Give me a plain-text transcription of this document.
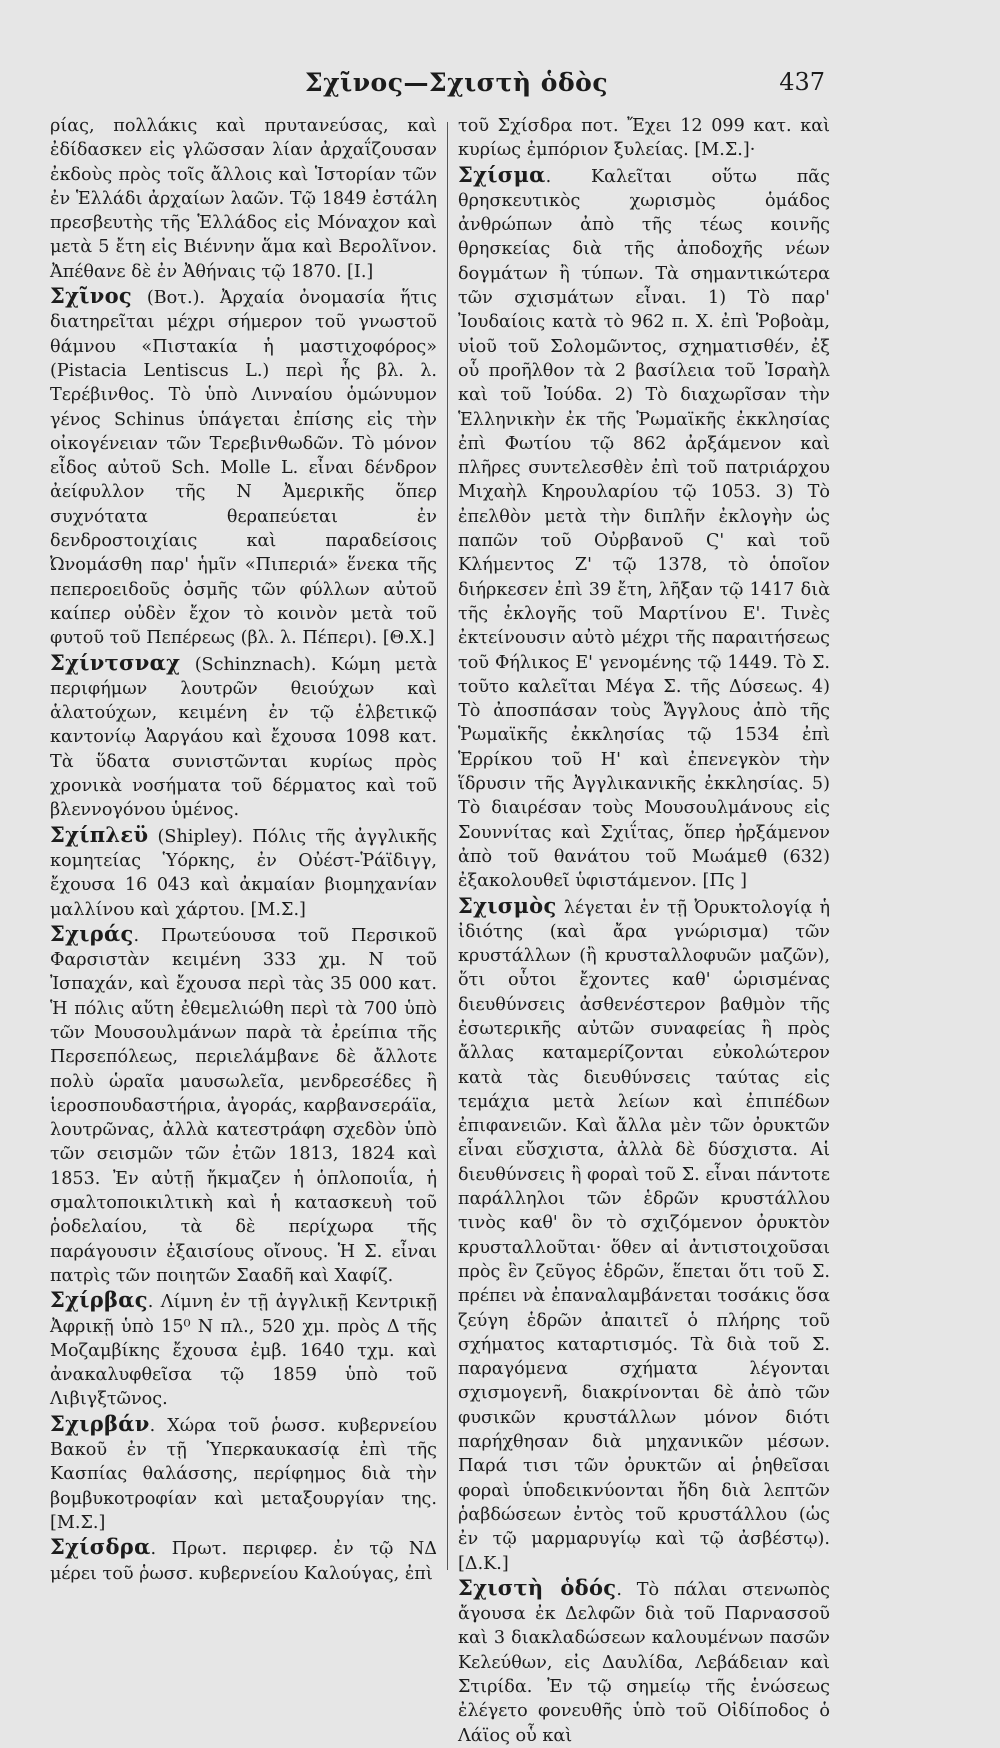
Σχῖνος—Σχιστὴ ὁδὸς	437

ρίας, πολλάκις καὶ πρυτανεύσας, καὶ ἐδίδασκεν εἰς γλῶσσαν λίαν ἀρχαΐζουσαν ἐκδοὺς πρὸς τοῖς ἄλλοις καὶ Ἱστορίαν τῶν ἐν Ἑλλάδι ἀρχαίων λαῶν. Τῷ 1849 ἐστάλη πρεσβευτὴς τῆς Ἑλλάδος εἰς Μόναχον καὶ μετὰ 5 ἔτη εἰς Βιέννην ἅμα καὶ Βερολῖνον. Ἀπέθανε δὲ ἐν Ἀθήναις τῷ 1870. [Ι.]

Σχῖνος (Βοτ.). Ἀρχαία ὀνομασία ἥτις διατηρεῖται μέχρι σήμερον τοῦ γνωστοῦ θάμνου «Πιστακία ἡ μαστιχοφόρος» (Pistacia Lentiscus L.) περὶ ἧς βλ. λ. Τερέβινθος. Τὸ ὑπὸ Λινναίου ὁμώνυμον γένος Schinus ὑπάγεται ἐπίσης εἰς τὴν οἰκογένειαν τῶν Τερεβινθωδῶν. Τὸ μόνον εἶδος αὐτοῦ Sch. Molle L. εἶναι δένδρον ἀείφυλλον τῆς Ν Ἀμερικῆς ὅπερ συχνότατα θεραπεύεται ἐν δενδροστοιχίαις καὶ παραδείσοις Ὠνομάσθη παρ' ἡμῖν «Πιπεριά» ἕνεκα τῆς πεπεροειδοῦς ὀσμῆς τῶν φύλλων αὐτοῦ καίπερ οὐδὲν ἔχον τὸ κοινὸν μετὰ τοῦ φυτοῦ τοῦ Πεπέρεως (βλ. λ. Πέπερι). [Θ.Χ.]

Σχίντσναχ (Schinznach). Κώμη μετὰ περιφήμων λουτρῶν θειούχων καὶ ἁλατούχων, κειμένη ἐν τῷ ἑλβετικῷ καντονίῳ Ἀαργάου καὶ ἔχουσα 1098 κατ. Τὰ ὕδατα συνιστῶνται κυρίως πρὸς χρονικὰ νοσήματα τοῦ δέρματος καὶ τοῦ βλεννογόνου ὑμένος.

Σχίπλεϋ (Shipley). Πόλις τῆς ἀγγλικῆς κομητείας Ὑόρκης, ἐν Οὐέστ-Ῥάϊδιγγ, ἔχουσα 16 043 καὶ ἀκμαίαν βιομηχανίαν μαλλίνου καὶ χάρτου. [Μ.Σ.]

Σχιράς. Πρωτεύουσα τοῦ Περσικοῦ Φαρσιστὰν κειμένη 333 χμ. Ν τοῦ Ἰσπαχάν, καὶ ἔχουσα περὶ τὰς 35 000 κατ. Ἡ πόλις αὕτη ἐθεμελιώθη περὶ τὰ 700 ὑπὸ τῶν Μουσουλμάνων παρὰ τὰ ἐρείπια τῆς Περσεπόλεως, περιελάμβανε δὲ ἄλλοτε πολὺ ὡραῖα μαυσωλεῖα, μενδρεσέδες ἢ ἱεροσπουδαστήρια, ἀγοράς, καρβανσεράϊα, λουτρῶνας, ἀλλὰ κατεστράφη σχεδὸν ὑπὸ τῶν σεισμῶν τῶν ἐτῶν 1813, 1824 καὶ 1853. Ἐν αὐτῇ ἤκμαζεν ἡ ὁπλοποιΐα, ἡ σμαλτοποικιλτικὴ καὶ ἡ κατασκευὴ τοῦ ῥοδελαίου, τὰ δὲ περίχωρα τῆς παράγουσιν ἐξαισίους οἴνους. Ἡ Σ. εἶναι πατρὶς τῶν ποιητῶν Σααδῆ καὶ Χαφίζ.

Σχίρβας. Λίμνη ἐν τῇ ἀγγλικῇ Κεντρικῇ Ἀφρικῇ ὑπὸ 15⁰ Ν πλ., 520 χμ. πρὸς Δ τῆς Μοζαμβίκης ἔχουσα ἐμβ. 1640 τχμ. καὶ ἀνακαλυφθεῖσα τῷ 1859 ὑπὸ τοῦ Λιβιγξτῶνος.

Σχιρβάν. Χώρα τοῦ ῥωσσ. κυβερνείου Βακοῦ ἐν τῇ Ὑπερκαυκασίᾳ ἐπὶ τῆς Κασπίας θαλάσσης, περίφημος διὰ τὴν βομβυκοτροφίαν καὶ μεταξουργίαν της. [Μ.Σ.]

Σχίσδρα. Πρωτ. περιφερ. ἐν τῷ ΝΔ μέρει τοῦ ῥωσσ. κυβερνείου Καλούγας, ἐπὶ

τοῦ Σχίσδρα ποτ. Ἔχει 12 099 κατ. καὶ κυρίως ἐμπόριον ξυλείας. [Μ.Σ.]·

Σχίσμα. Καλεῖται οὕτω πᾶς θρησκευτικὸς χωρισμὸς ὁμάδος ἀνθρώπων ἀπὸ τῆς τέως κοινῆς θρησκείας διὰ τῆς ἀποδοχῆς νέων δογμάτων ἢ τύπων. Τὰ σημαντικώτερα τῶν σχισμάτων εἶναι. 1) Τὸ παρ' Ἰουδαίοις κατὰ τὸ 962 π. Χ. ἐπὶ Ῥοβοὰμ, υἱοῦ τοῦ Σολομῶντος, σχηματισθέν, ἐξ οὗ προῆλθον τὰ 2 βασίλεια τοῦ Ἰσραὴλ καὶ τοῦ Ἰούδα. 2) Τὸ διαχωρῖσαν τὴν Ἑλληνικὴν ἐκ τῆς Ῥωμαϊκῆς ἐκκλησίας ἐπὶ Φωτίου τῷ 862 ἀρξάμενον καὶ πλῆρες συντελεσθὲν ἐπὶ τοῦ πατριάρχου Μιχαὴλ Κηρουλαρίου τῷ 1053. 3) Τὸ ἐπελθὸν μετὰ τὴν διπλῆν ἐκλογὴν ὡς παπῶν τοῦ Οὐρβανοῦ Ϛ' καὶ τοῦ Κλήμεντος Ζ' τῷ 1378, τὸ ὁποῖον διήρκεσεν ἐπὶ 39 ἔτη, λῆξαν τῷ 1417 διὰ τῆς ἐκλογῆς τοῦ Μαρτίνου Ε'. Τινὲς ἐκτείνουσιν αὐτὸ μέχρι τῆς παραιτήσεως τοῦ Φήλικος Ε' γενομένης τῷ 1449. Τὸ Σ. τοῦτο καλεῖται Μέγα Σ. τῆς Δύσεως. 4) Τὸ ἀποσπάσαν τοὺς Ἄγγλους ἀπὸ τῆς Ῥωμαϊκῆς ἐκκλησίας τῷ 1534 ἐπὶ Ἑρρίκου τοῦ Η' καὶ ἐπενεγκὸν τὴν ἵδρυσιν τῆς Ἀγγλικανικῆς ἐκκλησίας. 5) Τὸ διαιρέσαν τοὺς Μουσουλμάνους εἰς Σουννίτας καὶ Σχιΐτας, ὅπερ ἠρξάμενον ἀπὸ τοῦ θανάτου τοῦ Μωάμεθ (632) ἐξακολουθεῖ ὑφιστάμενον. [Πς ]

Σχισμὸς λέγεται ἐν τῇ Ὀρυκτολογίᾳ ἡ ἰδιότης (καὶ ἄρα γνώρισμα) τῶν κρυστάλλων (ἢ κρυσταλλοφυῶν μαζῶν), ὅτι οὗτοι ἔχοντες καθ' ὡρισμένας διευθύνσεις ἀσθενέστερον βαθμὸν τῆς ἐσωτερικῆς αὐτῶν συναφείας ἢ πρὸς ἄλλας καταμερίζονται εὐκολώτερον κατὰ τὰς διευθύνσεις ταύτας εἰς τεμάχια μετὰ λείων καὶ ἐπιπέδων ἐπιφανειῶν. Καὶ ἄλλα μὲν τῶν ὀρυκτῶν εἶναι εὔσχιστα, ἀλλὰ δὲ δύσχιστα. Αἱ διευθύνσεις ἢ φοραὶ τοῦ Σ. εἶναι πάντοτε παράλληλοι τῶν ἑδρῶν κρυστάλλου τινὸς καθ' ὃν τὸ σχιζόμενον ὀρυκτὸν κρυσταλλοῦται· ὅθεν αἱ ἀντιστοιχοῦσαι πρὸς ἓν ζεῦγος ἑδρῶν, ἕπεται ὅτι τοῦ Σ. πρέπει νὰ ἐπαναλαμβάνεται τοσάκις ὅσα ζεύγη ἑδρῶν ἀπαιτεῖ ὁ πλήρης τοῦ σχήματος καταρτισμός. Τὰ διὰ τοῦ Σ. παραγόμενα σχήματα λέγονται σχισμογενῆ, διακρίνονται δὲ ἀπὸ τῶν φυσικῶν κρυστάλλων μόνον διότι παρήχθησαν διὰ μηχανικῶν μέσων. Παρά τισι τῶν ὀρυκτῶν αἱ ῥηθεῖσαι φοραὶ ὑποδεικνύονται ἤδη διὰ λεπτῶν ῥαβδώσεων ἐντὸς τοῦ κρυστάλλου (ὡς ἐν τῷ μαρμαρυγίῳ καὶ τῷ ἀσβέστῳ). [Δ.Κ.]

Σχιστὴ ὁδός. Τὸ πάλαι στενωπὸς ἄγουσα ἐκ Δελφῶν διὰ τοῦ Παρνασσοῦ καὶ 3 διακλαδώσεων καλουμένων πασῶν Κελεύθων, εἰς Δαυλίδα, Λεβάδειαν καὶ Στιρίδα. Ἐν τῷ σημείῳ τῆς ἑνώσεως ἐλέγετο φονευθῆς ὑπὸ τοῦ Οἰδίποδος ὁ Λάϊος οὗ καὶ
